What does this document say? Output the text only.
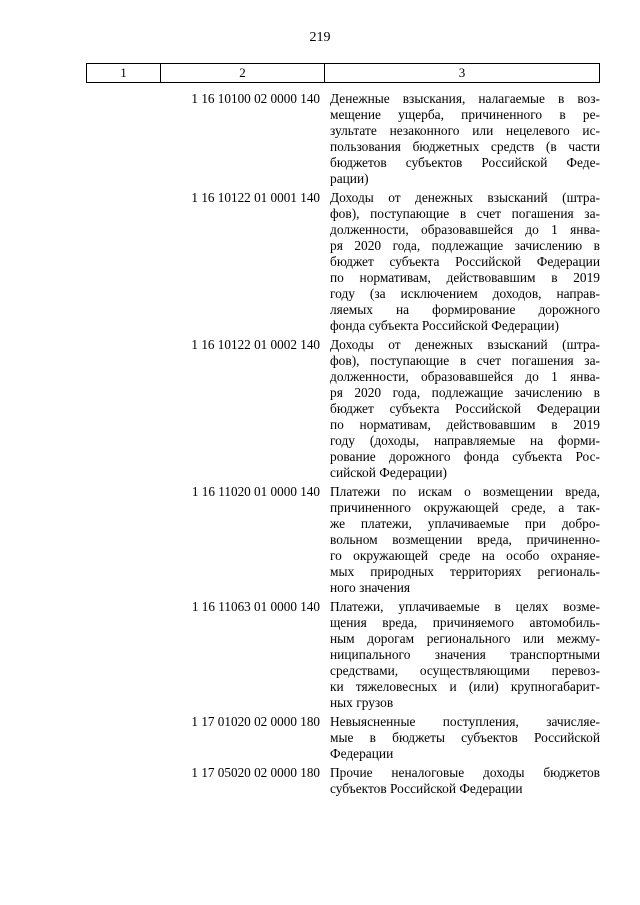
219
1	2	3
1 16 10100 02 0000 140 Денежные взыскания, налагаемые в воз-
мещение ущерба, причиненного в ре-
зультате незаконного или нецелевого ис-
пользования бюджетных средств (в части
бюджетов субъектов Российской Феде-
рации)
1 16 10122 01 0001 140 Доходы от денежных взысканий (штра-
фов), поступающие в счет погашения за-
долженности, образовавшейся до 1 янва-
ря 2020 года, подлежащие зачислению в
бюджет субъекта Российской Федерации
по нормативам, действовавшим в 2019
году (за исключением доходов, направ-
ляемых на формирование дорожного
фонда субъекта Российской Федерации)
1 16 10122 01 0002 140 Доходы от денежных взысканий (штра-
фов), поступающие в счет погашения за-
долженности, образовавшейся до 1 янва-
ря 2020 года, подлежащие зачислению в
бюджет субъекта Российской Федерации
по нормативам, действовавшим в 2019
году (доходы, направляемые на форми-
рование дорожного фонда субъекта Рос-
сийской Федерации)
1 16 11020 01 0000 140 Платежи по искам о возмещении вреда,
причиненного окружающей среде, а так-
же платежи, уплачиваемые при добро-
вольном возмещении вреда, причиненно-
го окружающей среде на особо охраняе-
мых природных территориях региональ-
ного значения
1 16 11063 01 0000 140 Платежи, уплачиваемые в целях возме-
щения вреда, причиняемого автомобиль-
ным дорогам регионального или межму-
ниципального значения транспортными
средствами, осуществляющими перевоз-
ки тяжеловесных и (или) крупногабарит-
ных грузов
1 17 01020 02 0000 180 Невыясненные поступления, зачисляе-
мые в бюджеты субъектов Российской
Федерации
1 17 05020 02 0000 180 Прочие неналоговые доходы бюджетов
субъектов Российской Федерации
